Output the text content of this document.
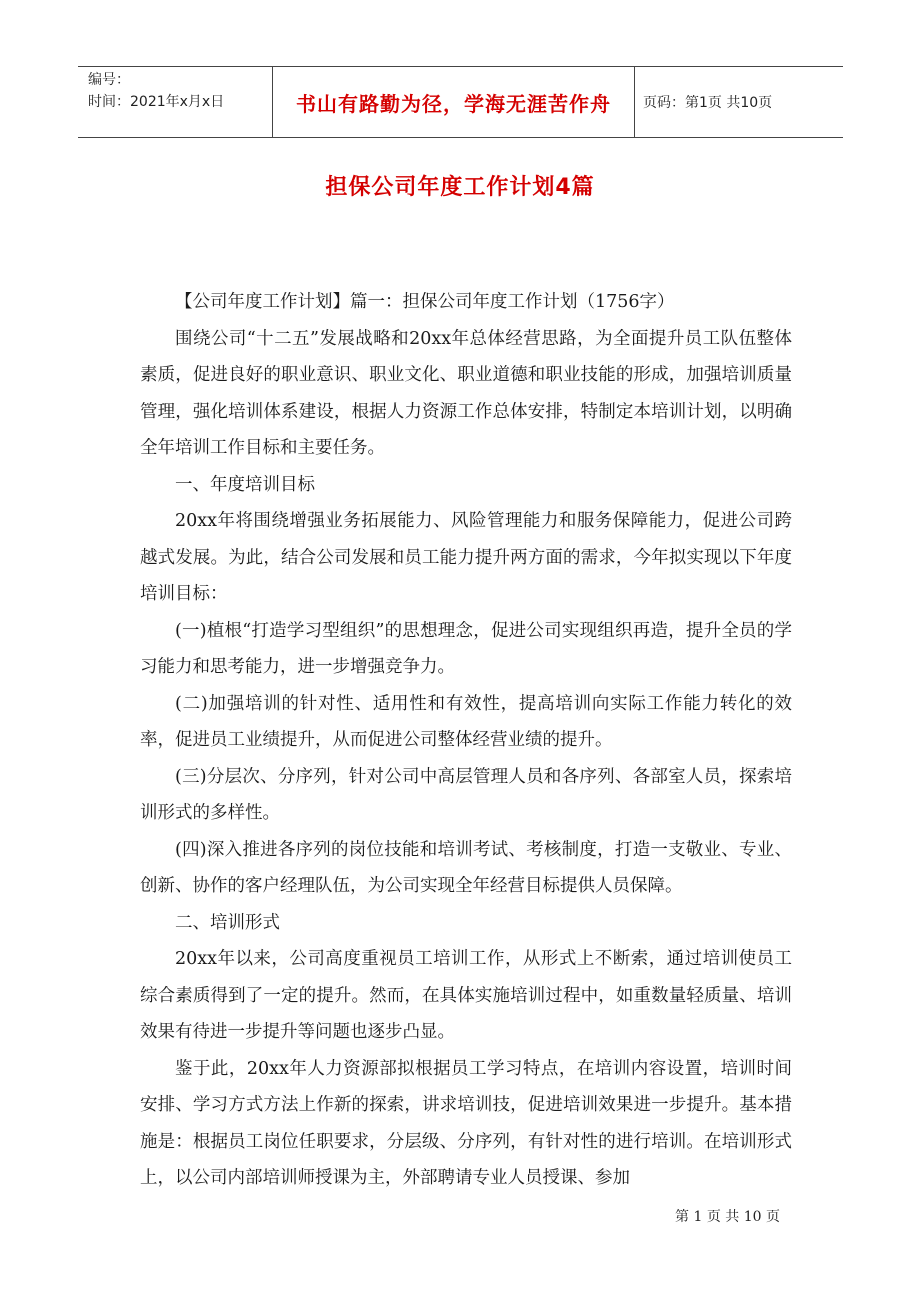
编号：
时间：2021年x月x日	书山有路勤为径，学海无涯苦作舟 页码：第1页 共10页
担保公司年度工作计划4篇

【公司年度工作计划】篇一：担保公司年度工作计划（1756字）

围绕公司“十二五”发展战略和20xx年总体经营思路，为全面提升员工队伍整体素质，促进良好的职业意识、职业文化、职业道德和职业技能的形成，加强培训质量管理，强化培训体系建设，根据人力资源工作总体安排，特制定本培训计划，以明确全年培训工作目标和主要任务。

一、年度培训目标

20xx年将围绕增强业务拓展能力、风险管理能力和服务保障能力，促进公司跨越式发展。为此，结合公司发展和员工能力提升两方面的需求，今年拟实现以下年度培训目标：

(一)植根“打造学习型组织”的思想理念，促进公司实现组织再造，提升全员的学习能力和思考能力，进一步增强竞争力。

(二)加强培训的针对性、适用性和有效性，提高培训向实际工作能力转化的效率，促进员工业绩提升，从而促进公司整体经营业绩的提升。

(三)分层次、分序列，针对公司中高层管理人员和各序列、各部室人员，探索培训形式的多样性。

(四)深入推进各序列的岗位技能和培训考试、考核制度，打造一支敬业、专业、创新、协作的客户经理队伍，为公司实现全年经营目标提供人员保障。

二、培训形式

20xx年以来，公司高度重视员工培训工作，从形式上不断索，通过培训使员工综合素质得到了一定的提升。然而，在具体实施培训过程中，如重数量轻质量、培训效果有待进一步提升等问题也逐步凸显。

鉴于此，20xx年人力资源部拟根据员工学习特点，在培训内容设置，培训时间安排、学习方式方法上作新的探索，讲求培训技，促进培训效果进一步提升。基本措施是：根据员工岗位任职要求，分层级、分序列，有针对性的进行培训。在培训形式上，以公司内部培训师授课为主，外部聘请专业人员授课、参加

第 1 页 共 10 页
